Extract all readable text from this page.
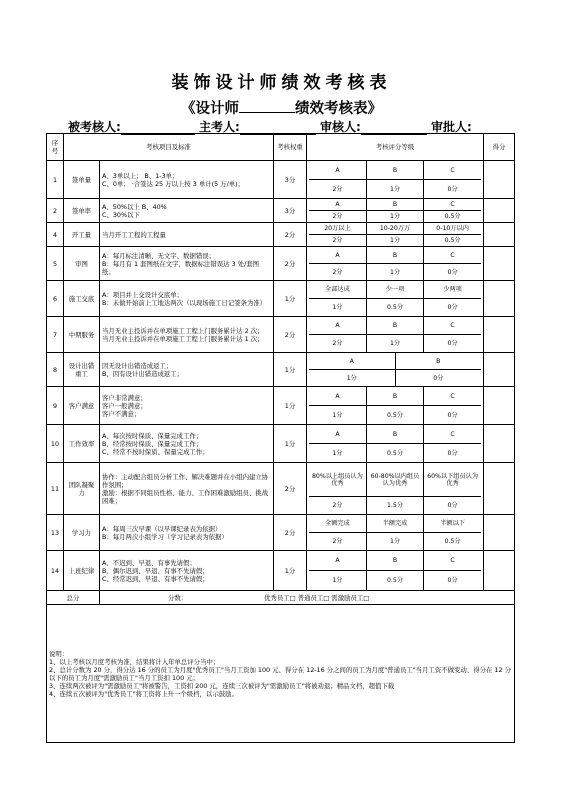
装饰设计师绩效考核表
《设计师	绩效考核表》
被考核人:	主考人:	审核人:	审批人:
序号	考核项目及标准	考核权重	考核评分等级	得分
1	签单量	A、3单以上； B、1-3单；
C、0单； ·合签达 25 万以上按 3 单计(5 万/单)；	3分	
A	B	C
2分	1分	0分

2	签单率	A、50%以上 B、40%
C、30%以下	3分	
A	B	C
2分	1分	0.5分

4	开工量	当月开工工程的工程量	2分	
20万以上	10-20万万	0-10万以内
2分	1分	0.5分

5	审图	A：每月标注清晰、无文字、数据错误；
B：每月有 1 套图纸在文字、数据标注错误达 3 处/套图纸；	2分	
A	B	C
2分	1分	0分

6	施工交底	A：项目并上交设计交底单；
B：未做开始前上工地达两次（以现场施工日记签条为准）	1分	
全部达成	少一项	少两项
1分	0.5分	0分

7	中期服务	当月无业主投诉并在单项施工工程上门服务累计达 2 次；
当月无业主投诉并在单项施工工程上门服务累计达 1 次；	2分	
A	B	C
2分	1分	0分

8	设计出错重工	因无设计出错造成返工；
B、因有设计出错造成返工；	1分	
A	B
1分	0分

9	客户满意	客户非常满意；
客户一般满意；
客户不满意；	1分	
A	B	C
1分	0.5分	0分

10	工作效率	A、每次按时保质、保量完成工作；
B、经常按时保质、保量完成工作；
C、经常不按时保质、保量完成工作；	1分	
A	B	C
1分	0.5分	0分

11	团队凝聚力	协作：主动配合组员分析工作、解决难题并在小组内建立协作氛围；
激励：根据不同组员性格、能力、工作困难激励组员、挑战困难；	2分	
80%以上组员认为优秀	60-80%以内组员认为优秀	60%以下组员认为优秀
2分	1.5分	0分

13	学习力	A：每周三次早课（以早课纪录表为依据）
B：每月两次小组学习（学习记录表为依据）	2分	
全额完成	半额完成	半额以下
2分	1分	0.5分

14	上班纪律	A、不迟到、早退、有事先请假；
B、偶尔迟到、早退、有事不先请假；
C、经常迟到、早退、有事不先请假；	1分	
A	B	C
1分	0.5分	0分

总分	分数：	优秀员工□ 普通员工□ 需激励员工□

说明：
1、以上考核以月度考核为准，结果将计入年单总评分当中；
2、总计分数为 20 分，得分达 16 分的员工为月度"优秀员工"当月工资加 100 元、得分在 12-16 分之间的员工为月度"普通员工"当月工资不做变动、得分在 12 分以下的员工为月度"需激励员工"当月工资扣 100 元；
3、连续两次被评为"需激励员工"将被警告，工资扣 200 元，连续三次被评为"需激励员工"将被劝退；精品文档，超值下载
4、连续五次被评为"优秀员工"将工资将上升一个级档，以示鼓励。
